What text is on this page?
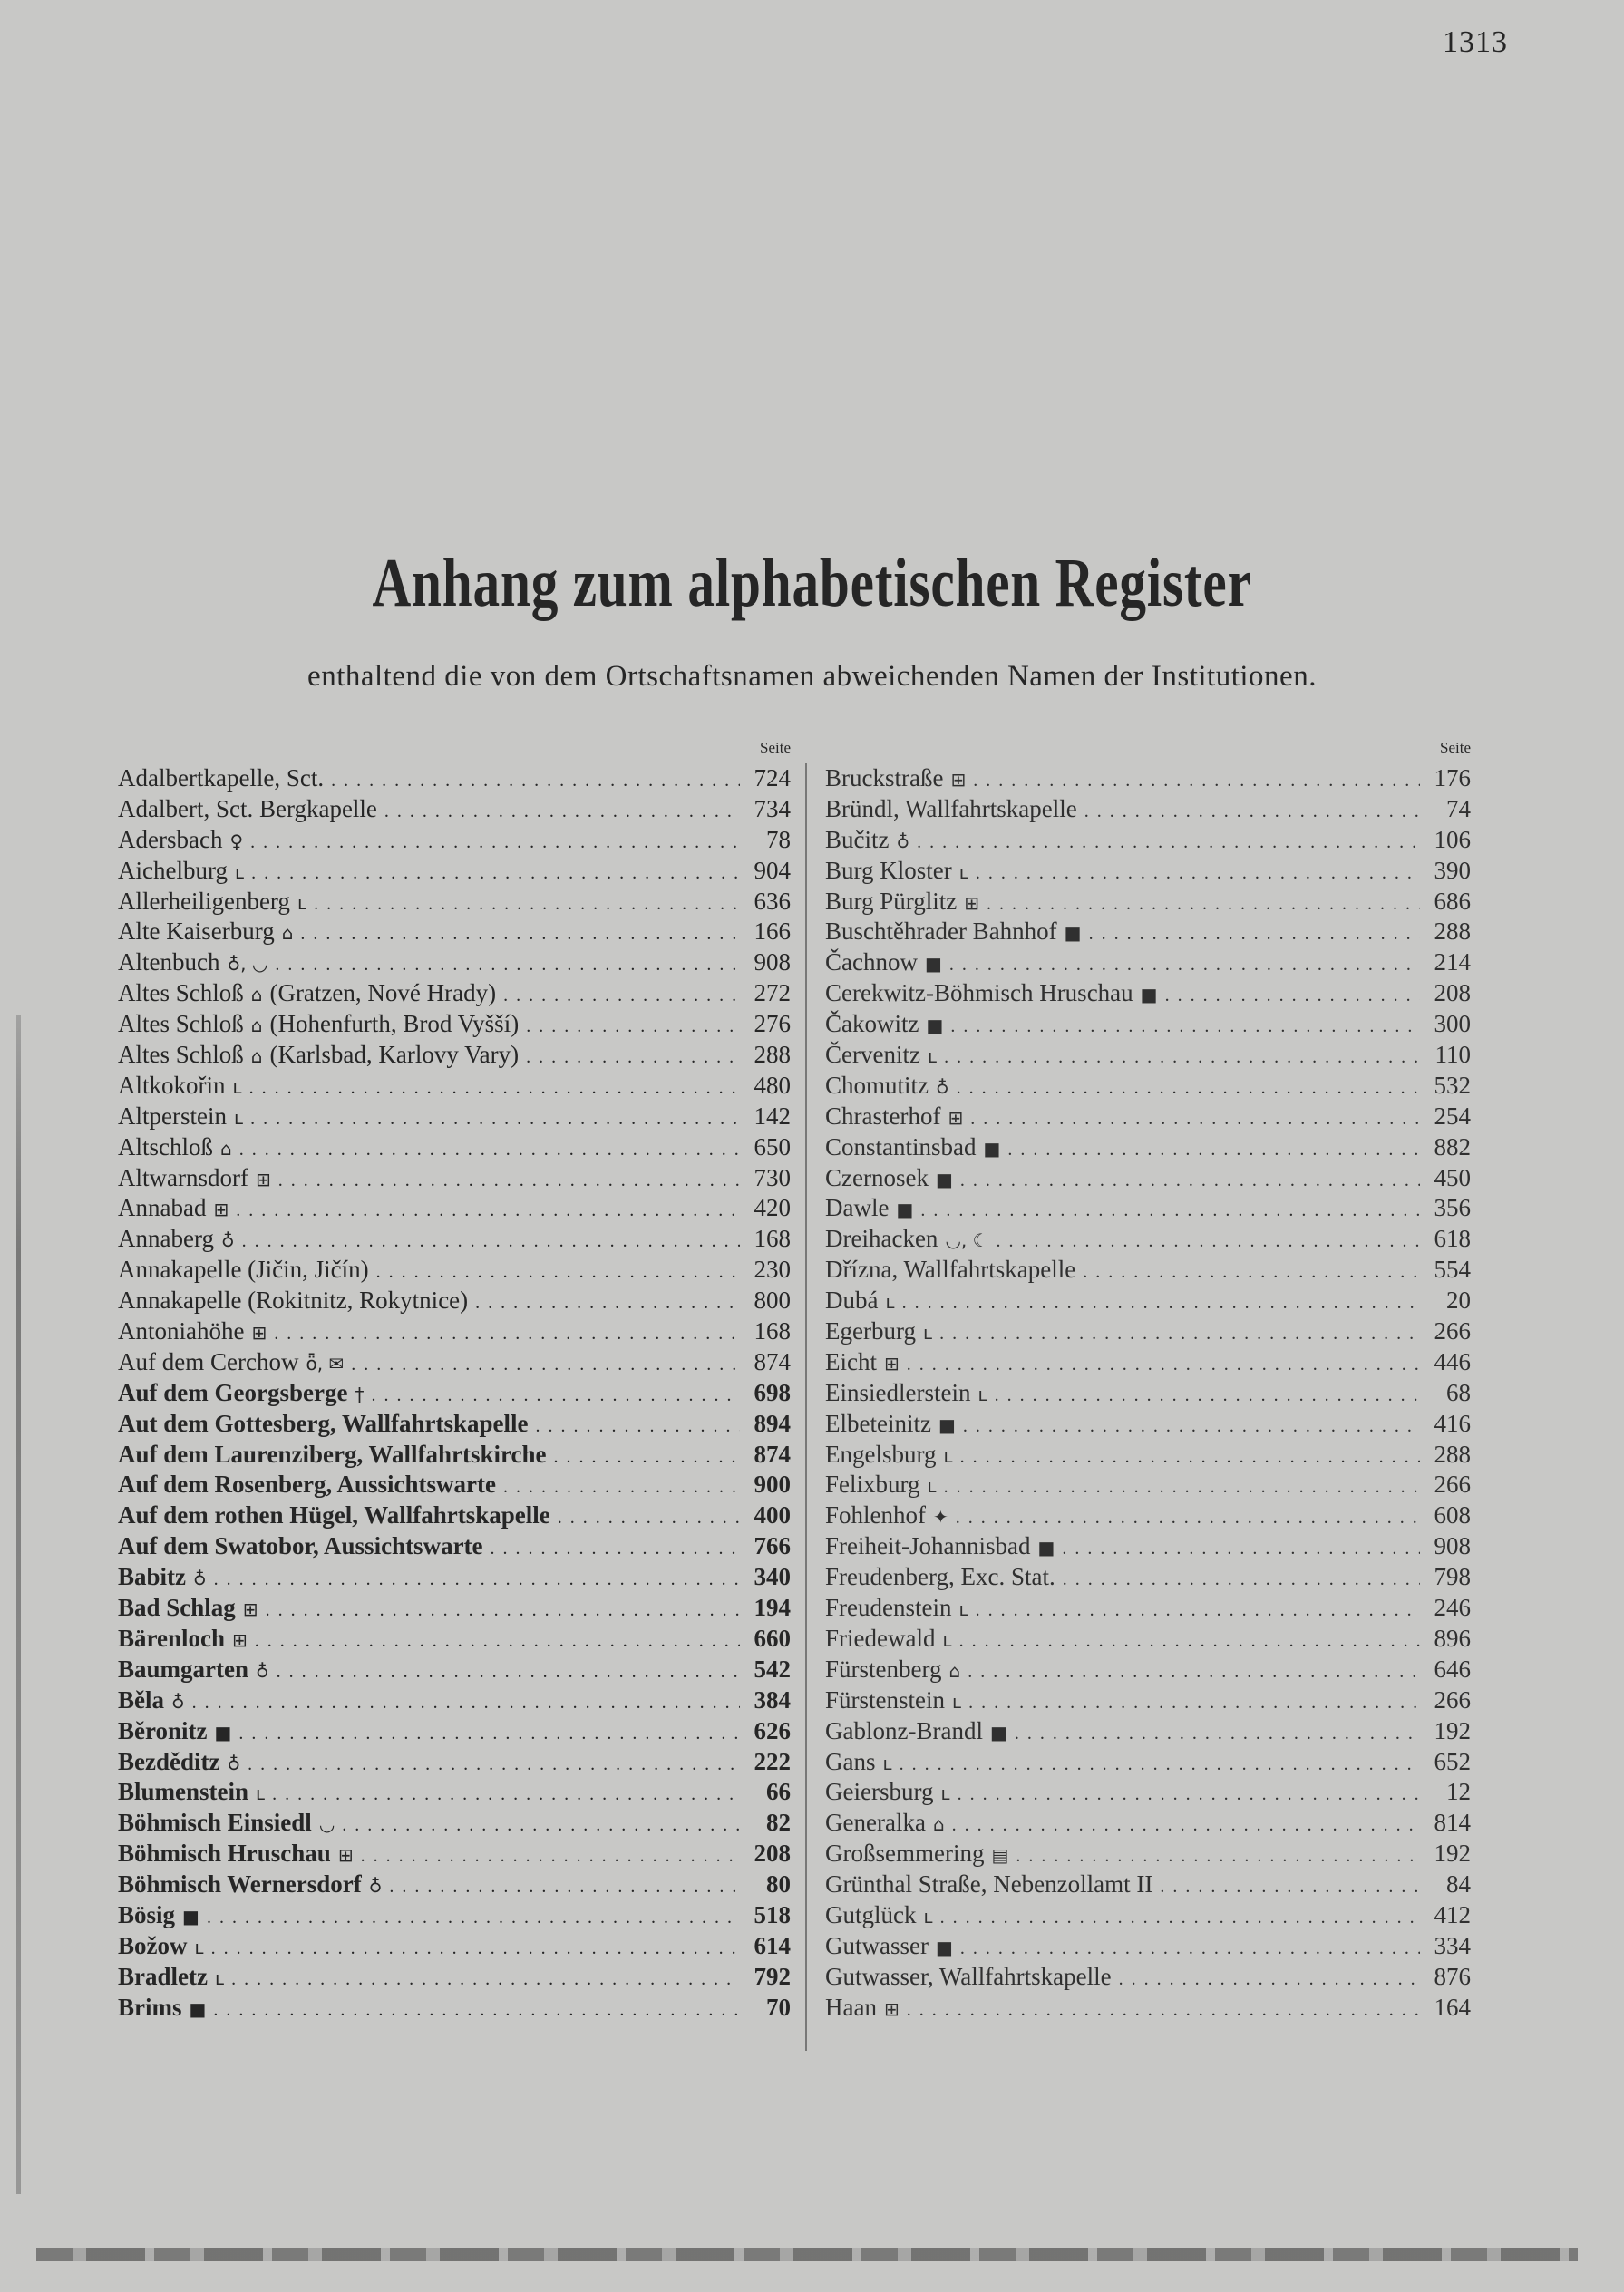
1313
Anhang zum alphabetischen Register
enthaltend die von dem Ortschaftsnamen abweichenden Namen der Institutionen.
Seite
Adalbertkapelle, Sct. . . .	724
Adalbert, Sct. Bergkapelle . . .	734
Adersbach ♀ . . .	78
Aichelburg ʟ . . .	904
Allerheiligenberg ʟ . . .	636
Alte Kaiserburg ⌂ . . .	166
Altenbuch ♁, ◡ . . .	908
Altes Schloß ⌂ (Gratzen, Nové Hrady) . . .	272
Altes Schloß ⌂ (Hohenfurth, Brod Vyšší) . . .	276
Altes Schloß ⌂ (Karlsbad, Karlovy Vary) . . .	288
Altkokořin ʟ . . .	480
Altperstein ʟ . . .	142
Altschloß ⌂ . . .	650
Altwarnsdorf ⊞ . . .	730
Annabad ⊞ . . .	420
Annaberg ♁ . . .	168
Annakapelle (Jičin, Jičín) . . .	230
Annakapelle (Rokitnitz, Rokytnice) . . .	800
Antoniahöhe ⊞ . . .	168
Auf dem Cerchow ȫ, ✉ . . .	874
Auf dem Georgsberge † . . .	698
Aut dem Gottesberg, Wallfahrtskapelle . . .	894
Auf dem Laurenziberg, Wallfahrtskirche . . .	874
Auf dem Rosenberg, Aussichtswarte . . .	900
Auf dem rothen Hügel, Wallfahrtskapelle . . .	400
Auf dem Swatobor, Aussichtswarte . . .	766
Babitz ♁ . . .	340
Bad Schlag ⊞ . . .	194
Bärenloch ⊞ . . .	660
Baumgarten ♁ . . .	542
Běla ♁ . . .	384
Běronitz ■ . . .	626
Bezděditz ♁ . . .	222
Blumenstein ʟ . . .	66
Böhmisch Einsiedl ◡ . . .	82
Böhmisch Hruschau ⊞ . . .	208
Böhmisch Wernersdorf ♁ . . .	80
Bösig ■ . . .	518
Božow ʟ . . .	614
Bradletz ʟ . . .	792
Brims ■ . . .	70
Seite
Bruckstraße ⊞ . . .	176
Bründl, Wallfahrtskapelle . . .	74
Bučitz ♁ . . .	106
Burg Kloster ʟ . . .	390
Burg Pürglitz ⊞ . . .	686
Buschtěhrader Bahnhof ■ . . .	288
Čachnow ■ . . .	214
Cerekwitz-Böhmisch Hruschau ■ . . .	208
Čakowitz ■ . . .	300
Červenitz ʟ . . .	110
Chomutitz ♁ . . .	532
Chrasterhof ⊞ . . .	254
Constantinsbad ■ . . .	882
Czernosek ■ . . .	450
Dawle ■ . . .	356
Dreihacken ◡, ☾ . . .	618
Dřízna, Wallfahrtskapelle . . .	554
Dubá ʟ . . .	20
Egerburg ʟ . . .	266
Eicht ⊞ . . .	446
Einsiedlerstein ʟ . . .	68
Elbeteinitz ■ . . .	416
Engelsburg ʟ . . .	288
Felixburg ʟ . . .	266
Fohlenhof ✦ . . .	608
Freiheit-Johannisbad ■ . . .	908
Freudenberg, Exc. Stat. . . .	798
Freudenstein ʟ . . .	246
Friedewald ʟ . . .	896
Fürstenberg ⌂ . . .	646
Fürstenstein ʟ . . .	266
Gablonz-Brandl ■ . . .	192
Gans ʟ . . .	652
Geiersburg ʟ . . .	12
Generalka ⌂ . . .	814
Großsemmering ▤ . . .	192
Grünthal Straße, Nebenzollamt II . . .	84
Gutglück ʟ . . .	412
Gutwasser ■ . . .	334
Gutwasser, Wallfahrtskapelle . . .	876
Haan ⊞ . . .	164
